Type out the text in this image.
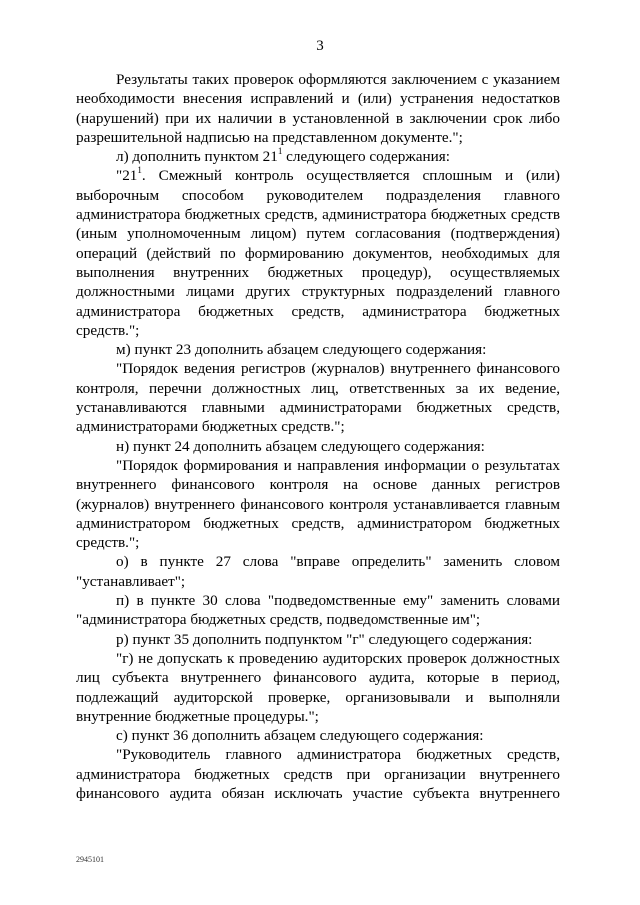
3

Результаты таких проверок оформляются заключением с указанием необходимости внесения исправлений и (или) устранения недостатков (нарушений) при их наличии в установленной в заключении срок либо разрешительной надписью на представленном документе.";

л) дополнить пунктом $21^1$ следующего содержания:

"$21^1$. Смежный контроль осуществляется сплошным и (или) выборочным способом руководителем подразделения главного администратора бюджетных средств, администратора бюджетных средств (иным уполномоченным лицом) путем согласования (подтверждения) операций (действий по формированию документов, необходимых для выполнения внутренних бюджетных процедур), осуществляемых должностными лицами других структурных подразделений главного администратора бюджетных средств, администратора бюджетных средств.";

м) пункт 23 дополнить абзацем следующего содержания:

"Порядок ведения регистров (журналов) внутреннего финансового контроля, перечни должностных лиц, ответственных за их ведение, устанавливаются главными администраторами бюджетных средств, администраторами бюджетных средств.";

н) пункт 24 дополнить абзацем следующего содержания:

"Порядок формирования и направления информации о результатах внутреннего финансового контроля на основе данных регистров (журналов) внутреннего финансового контроля устанавливается главным администратором бюджетных средств, администратором бюджетных средств.";

о) в пункте 27 слова "вправе определить" заменить словом "устанавливает";

п) в пункте 30 слова "подведомственные ему" заменить словами "администратора бюджетных средств, подведомственные им";

р) пункт 35 дополнить подпунктом "г" следующего содержания:

"г) не допускать к проведению аудиторских проверок должностных лиц субъекта внутреннего финансового аудита, которые в период, подлежащий аудиторской проверке, организовывали и выполняли внутренние бюджетные процедуры.";

с) пункт 36 дополнить абзацем следующего содержания:

"Руководитель главного администратора бюджетных средств, администратора бюджетных средств при организации внутреннего финансового аудита обязан исключать участие субъекта внутреннего

2945101
